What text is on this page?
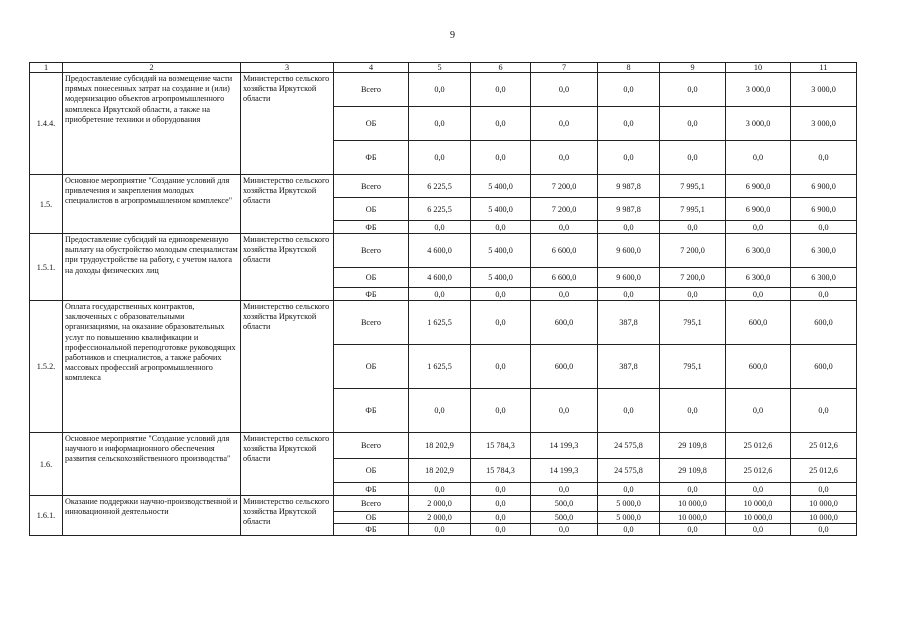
9
1	2	3	4	5	6	7	8	9	10	11
1.4.4.	Предоставление субсидий на возмещение части прямых понесенных затрат на создание и (или) модернизацию объектов агропромышленного комплекса Иркутской области, а также на приобретение техники и оборудования	Министерство сельского хозяйства Иркутской области	Всего	0,0	0,0	0,0	0,0	0,0	3 000,0	3 000,0
			ОБ	0,0	0,0	0,0	0,0	0,0	3 000,0	3 000,0
			ФБ	0,0	0,0	0,0	0,0	0,0	0,0	0,0
1.5.	Основное мероприятие "Создание условий для привлечения и закрепления молодых специалистов в агропромышленном комплексе"	Министерство сельского хозяйства Иркутской области	Всего	6 225,5	5 400,0	7 200,0	9 987,8	7 995,1	6 900,0	6 900,0
			ОБ	6 225,5	5 400,0	7 200,0	9 987,8	7 995,1	6 900,0	6 900,0
			ФБ	0,0	0,0	0,0	0,0	0,0	0,0	0,0
1.5.1.	Предоставление субсидий на единовременную выплату на обустройство молодым специалистам при трудоустройстве на работу, с учетом налога на доходы физических лиц	Министерство сельского хозяйства Иркутской области	Всего	4 600,0	5 400,0	6 600,0	9 600,0	7 200,0	6 300,0	6 300,0
			ОБ	4 600,0	5 400,0	6 600,0	9 600,0	7 200,0	6 300,0	6 300,0
			ФБ	0,0	0,0	0,0	0,0	0,0	0,0	0,0
1.5.2.	Оплата государственных контрактов, заключенных с образовательными организациями, на оказание образовательных услуг по повышению квалификации и профессиональной переподготовке руководящих работников и специалистов, а также рабочих массовых профессий агропромышленного комплекса	Министерство сельского хозяйства Иркутской области	Всего	1 625,5	0,0	600,0	387,8	795,1	600,0	600,0
			ОБ	1 625,5	0,0	600,0	387,8	795,1	600,0	600,0
			ФБ	0,0	0,0	0,0	0,0	0,0	0,0	0,0
1.6.	Основное мероприятие "Создание условий для научного и информационного обеспечения развития сельскохозяйственного производства"	Министерство сельского хозяйства Иркутской области	Всего	18 202,9	15 784,3	14 199,3	24 575,8	29 109,8	25 012,6	25 012,6
			ОБ	18 202,9	15 784,3	14 199,3	24 575,8	29 109,8	25 012,6	25 012,6
			ФБ	0,0	0,0	0,0	0,0	0,0	0,0	0,0
1.6.1.	Оказание поддержки научно-производственной и инновационной деятельности	Министерство сельского хозяйства Иркутской области	Всего	2 000,0	0,0	500,0	5 000,0	10 000,0	10 000,0	10 000,0
			ОБ	2 000,0	0,0	500,0	5 000,0	10 000,0	10 000,0	10 000,0
			ФБ	0,0	0,0	0,0	0,0	0,0	0,0	0,0
